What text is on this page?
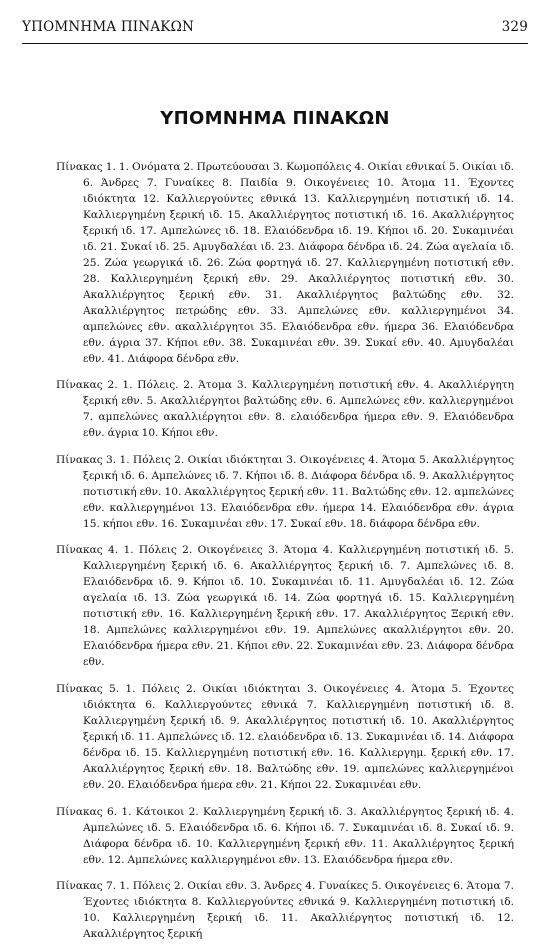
ΥΠΟΜΝΗΜΑ ΠΙΝΑΚΩΝ	329
ΥΠΟΜΝΗΜΑ ΠΙΝΑΚΩΝ

Πίνακας 1. 1. Ονόματα 2. Πρωτεύουσαι 3. Κωμοπόλεις 4. Οικίαι εθνικαί 5. Οικίαι ιδ. 6. Άνδρες 7. Γυναίκες 8. Παιδία 9. Οικογένειες 10. Άτομα 11. Έχοντες ιδιόκτητα 12. Καλλιεργούντες εθνικά 13. Καλλιεργημένη ποτιστική ιδ. 14. Καλλιεργημένη ξερική ιδ. 15. Ακαλλιέργητος ποτιστική ιδ. 16. Ακαλλιέργητος ξερική ιδ. 17. Αμπελώνες ιδ. 18. Ελαιόδενδρα ιδ. 19. Κήποι ιδ. 20. Συκαμινέαι ιδ. 21. Συκαί ιδ. 25. Αμυγδαλέαι ιδ. 23. Διάφορα δένδρα ιδ. 24. Ζώα αγελαία ιδ. 25. Ζώα γεωργικά ιδ. 26. Ζώα φορτηγά ιδ. 27. Καλλιεργημένη ποτιστική εθν. 28. Καλλιεργημένη ξερική εθν. 29. Ακαλλιέργητος ποτιστική εθν. 30. Ακαλλιέργητος ξερική εθν. 31. Ακαλλιέργητος βαλτώδης εθν. 32. Ακαλλιέργητος πετρώδης εθν. 33. Αμπελώνες εθν. καλλιεργημένοι 34. αμπελώνες εθν. ακαλλιέργητοι 35. Ελαιόδενδρα εθν. ήμερα 36. Ελαιόδενδρα εθν. άγρια 37. Κήποι εθν. 38. Συκαμινέαι εθν. 39. Συκαί εθν. 40. Αμυγδαλέαι εθν. 41. Διάφορα δένδρα εθν.

Πίνακας 2. 1. Πόλεις. 2. Άτομα 3. Καλλιεργημένη ποτιστική εθν. 4. Ακαλλιέργητη ξερική εθν. 5. Ακαλλιέργητοι βαλτώδης εθν. 6. Αμπελώνες εθν. καλλιεργημένοι 7. αμπελώνες ακαλλιέργητοι εθν. 8. ελαιόδενδρα ήμερα εθν. 9. Ελαιόδενδρα εθν. άγρια 10. Κήποι εθν.

Πίνακας 3. 1. Πόλεις 2. Οικίαι ιδιόκτηται 3. Οικογένειες 4. Άτομα 5. Ακαλλιέργητος ξερική ιδ. 6. Αμπελώνες ιδ. 7. Κήποι ιδ. 8. Διάφορα δένδρα ιδ. 9. Ακαλλιέργητος ποτιστική εθν. 10. Ακαλλιέργητος ξερική εθν. 11. Βαλτώδης εθν. 12. αμπελώνες εθν. καλλιεργημένοι 13. Ελαιόδενδρα εθν. ήμερα 14. Ελαιόδενδρα εθν. άγρια 15. κήποι εθν. 16. Συκαμινέαι εθν. 17. Συκαί εθν. 18. διάφορα δένδρα εθν.

Πίνακας 4. 1. Πόλεις 2. Οικογένειες 3. Άτομα 4. Καλλιεργημένη ποτιστική ιδ. 5. Καλλιεργημένη ξερική ιδ. 6. Ακαλλιέργητος ξερική ιδ. 7. Αμπελώνες ιδ. 8. Ελαιόδενδρα ιδ. 9. Κήποι ιδ. 10. Συκαμινέαι ιδ. 11. Αμυγδαλέαι ιδ. 12. Ζώα αγελαία ιδ. 13. Ζώα γεωργικά ιδ. 14. Ζώα φορτηγά ιδ. 15. Καλλιεργημένη ποτιστική εθν. 16. Καλλιεργημένη ξερική εθν. 17. Ακαλλιέργητος Ξερική εθν. 18. Αμπελώνες καλλιεργημένοι εθν. 19. Αμπελώνες ακαλλιέργητοι εθν. 20. Ελαιόδενδρα ήμερα εθν. 21. Κήποι εθν. 22. Συκαμινέαι εθν. 23. Διάφορα δένδρα εθν.

Πίνακας 5. 1. Πόλεις 2. Οικίαι ιδιόκτηται 3. Οικογένειες 4. Άτομα 5. Έχοντες ιδιόκτητα 6. Καλλιεργούντες εθνικά 7. Καλλιεργημένη ποτιστική ιδ. 8. Καλλιεργημένη ξερική ιδ. 9. Ακαλλιέργητος ποτιστική ιδ. 10. Ακαλλιέργητος ξερική ιδ. 11. Αμπελώνες ιδ. 12. ελαιόδενδρα ιδ. 13. Συκαμινέαι ιδ. 14. Διάφορα δένδρα ιδ. 15. Καλλιεργημένη ποτιστική εθν. 16. Καλλιεργημ. ξερική εθν. 17. Ακαλλιέργητος ξερική εθν. 18. Βαλτώδης εθν. 19. αμπελώνες καλλιεργημένοι εθν. 20. Ελαιόδενδρα ήμερα εθν. 21. Κήποι 22. Συκαμινέαι εθν.

Πίνακας 6. 1. Κάτοικοι 2. Καλλιεργημένη ξερική ιδ. 3. Ακαλλιέργητος ξερική ιδ. 4. Αμπελώνες ιδ. 5. Ελαιόδενδρα ιδ. 6. Κήποι ιδ. 7. Συκαμινέαι ιδ. 8. Συκαί ιδ. 9. Διάφορα δένδρα ιδ. 10. Καλλιεργημένη ξερική εθν. 11. Ακαλλιέργητος ξερική εθν. 12. Αμπελώνες καλλιεργημένοι εθν. 13. Ελαιόδενδρα ήμερα εθν.

Πίνακας 7. 1. Πόλεις 2. Οικίαι εθν. 3. Άνδρες 4. Γυναίκες 5. Οικογένειες 6. Άτομα 7. Έχοντες ιδιόκτητα 8. Καλλιεργούντες εθνικά 9. Καλλιεργημένη ποτιστική ιδ. 10. Καλλιεργημένη ξερική ιδ. 11. Ακαλλιέργητος ποτιστική ιδ. 12. Ακαλλιέργητος ξερική
